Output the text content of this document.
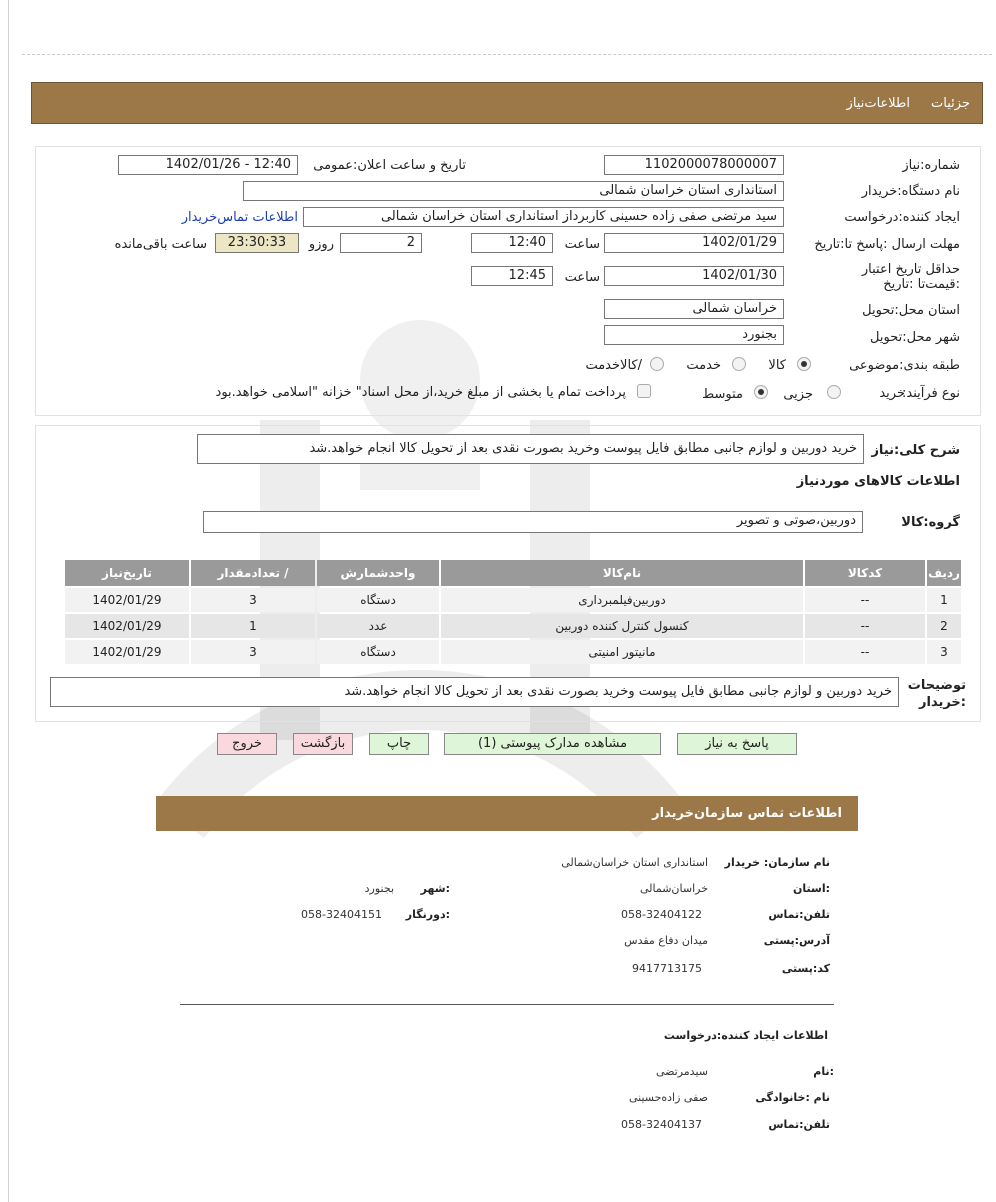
جزئیات
اطلاعات‌نیاز
شماره:نیاز
1102000078000007
تاریخ و ساعت اعلان:عمومی
1402/01/26 - 12:40
نام دستگاه:خریدار
استانداری استان خراسان شمالی
ایجاد کننده:درخواست
سید مرتضی صفی زاده حسینی کاربرداز استانداری استان خراسان شمالی
اطلاعات تماس‌خریدار
مهلت ارسال :پاسخ تا:تاریخ
1402/01/29
ساعت
12:40
2
روزو
23:30:33
ساعت باقی‌مانده
حداقل تاریخ اعتبار :قیمت‌تا :تاریخ
1402/01/30
ساعت
12:45
استان محل:تحویل
خراسان شمالی
شهر محل:تحویل
بجنورد
طبقه بندی:موضوعی
کالا
خدمت
/کالاخدمت
نوع فرآیند:
خرید
جزیی
متوسط
پرداخت تمام یا بخشی از مبلغ خرید،از محل اسناد" خزانه "اسلامی خواهد.بود
شرح کلی:نیاز
خرید دوربین و لوازم جانبی مطابق فایل پیوست وخرید بصورت نقدی بعد از تحویل کالا انجام خواهد.شد
اطلاعات کالاهای موردنیاز
گروه:کالا
دوربین،صوتی و تصویر
ردیف	کدکالا	نام‌کالا	واحدشمارش	/ تعدادمقدار	تاریخ‌نیاز
1	--	دوربین‌فیلمبرداری	دستگاه	3	1402/01/29
2	--	کنسول کنترل کننده دوربین	عدد	1	1402/01/29
3	--	مانیتور امنیتی	دستگاه	3	1402/01/29
توضیحات :خریدار
خرید دوربین و لوازم جانبی مطابق فایل پیوست وخرید بصورت نقدی بعد از تحویل کالا انجام خواهد.شد
پاسخ به نیاز
مشاهده مدارک پیوستی (1)
چاپ
بازگشت
خروج
اطلاعات تماس سازمان‌خریدار
نام سازمان: خریدار
استانداری استان خراسان‌شمالی
:استان
خراسان‌شمالی
:شهر
بجنورد
تلفن:تماس
058-32404122
:دورنگار
058-32404151
آدرس:پستی
میدان دفاع مقدس
کد:پستی
9417713175
اطلاعات ایجاد کننده:درخواست
:نام
سیدمرتضی
نام :خانوادگی
صفی زاده‌حسینی
تلفن:تماس
058-32404137
